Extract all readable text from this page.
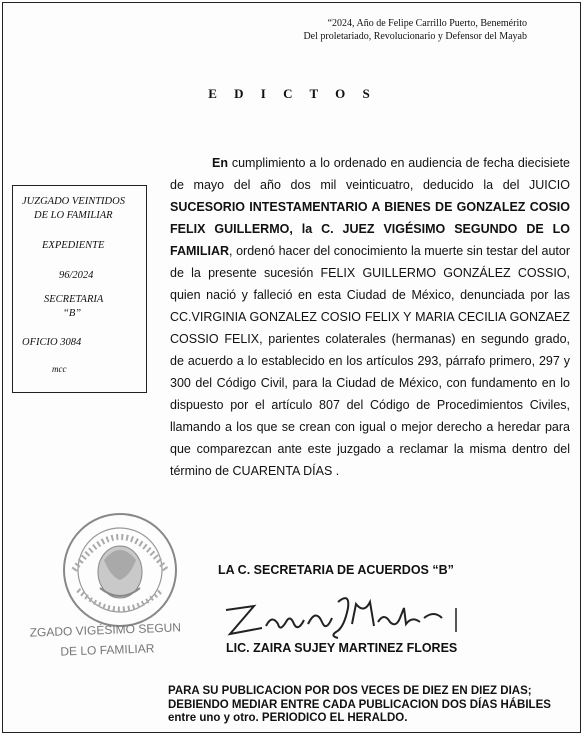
“2024, Año de Felipe Carrillo Puerto, Benemérito
Del proletariado, Revolucionario y Defensor del Mayab
E D I C T O S
JUZGADO VEINTIDOS
DE LO FAMILIAR
EXPEDIENTE
96/2024
SECRETARIA
“B”
OFICIO 3084
mcc

En cumplimiento a lo ordenado en audiencia de fecha diecisiete de mayo del año dos mil veinticuatro, deducido la del JUICIO SUCESORIO INTESTAMENTARIO A BIENES DE GONZALEZ COSIO FELIX GUILLERMO, la C. JUEZ VIGÉSIMO SEGUNDO DE LO FAMILIAR, ordenó hacer del conocimiento la muerte sin testar del autor de la presente sucesión FELIX GUILLERMO GONZÁLEZ COSSIO, quien nació y falleció en esta Ciudad de México, denunciada por las CC.VIRGINIA GONZALEZ COSIO FELIX Y MARIA CECILIA GONZAEZ COSSIO FELIX, parientes colaterales (hermanas) en segundo grado, de acuerdo a lo establecido en los artículos 293, párrafo primero, 297 y 300 del Código Civil, para la Ciudad de México, con fundamento en lo dispuesto por el artículo 807 del Código de Procedimientos Civiles, llamando a los que se crean con igual o mejor derecho a heredar para que comparezcan ante este juzgado a reclamar la misma dentro del término de CUARENTA DÍAS .

ZGADO VIGÉSIMO SEGUN
DE LO FAMILIAR
LA C. SECRETARIA DE ACUERDOS “B”
LIC. ZAIRA SUJEY MARTINEZ FLORES
PARA SU PUBLICACION POR DOS VECES DE DIEZ EN DIEZ DIAS;
DEBIENDO MEDIAR ENTRE CADA PUBLICACION DOS DÍAS HÁBILES
entre uno y otro. PERIODICO EL HERALDO.
